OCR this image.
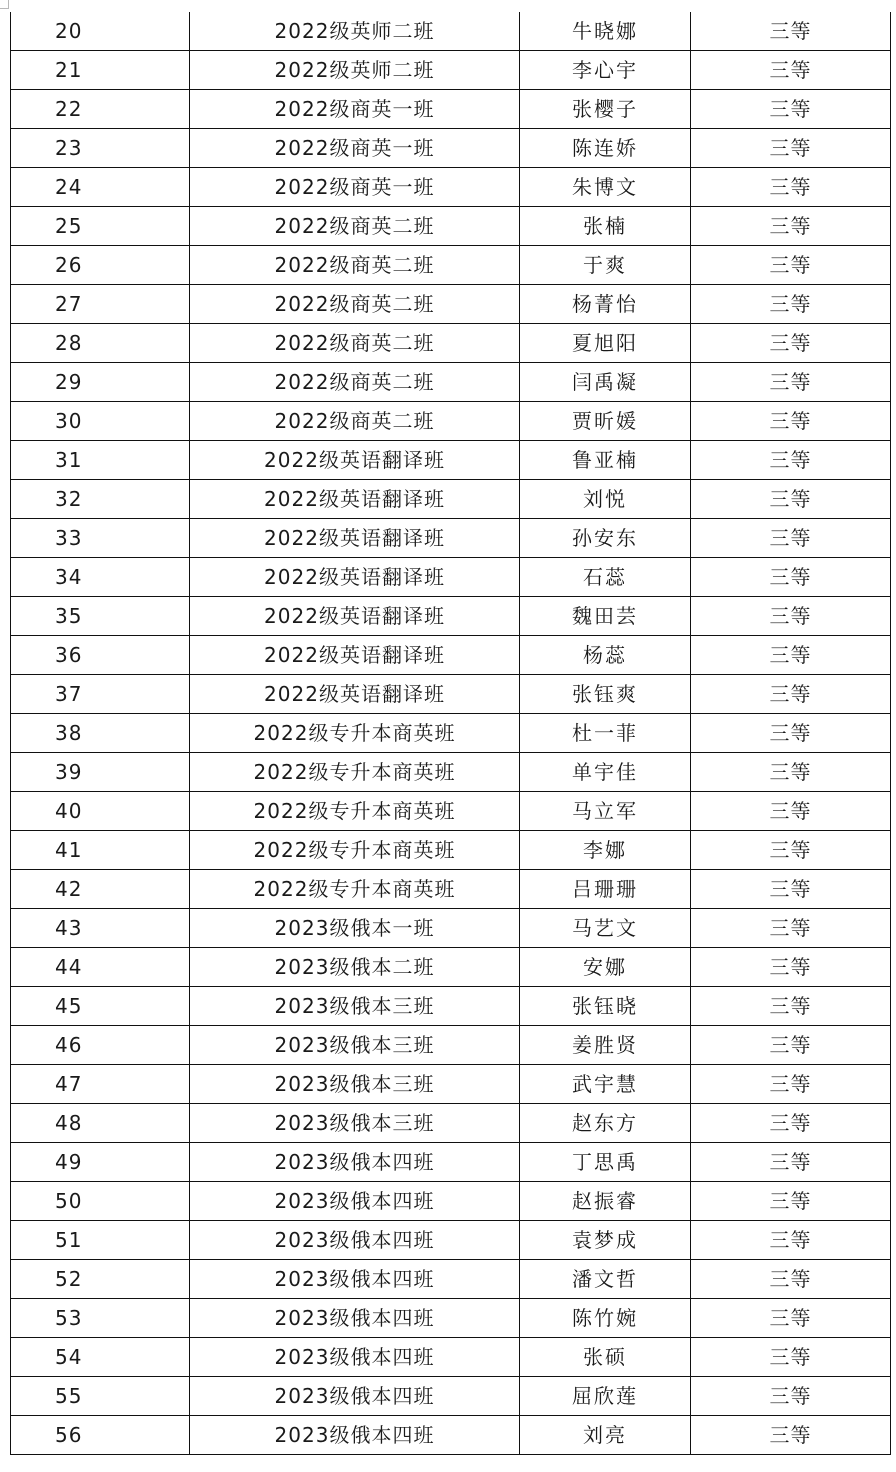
20	2022级英师二班	牛晓娜	三等
21	2022级英师二班	李心宇	三等
22	2022级商英一班	张樱子	三等
23	2022级商英一班	陈连娇	三等
24	2022级商英一班	朱博文	三等
25	2022级商英二班	张楠	三等
26	2022级商英二班	于爽	三等
27	2022级商英二班	杨菁怡	三等
28	2022级商英二班	夏旭阳	三等
29	2022级商英二班	闫禹凝	三等
30	2022级商英二班	贾昕媛	三等
31	2022级英语翻译班	鲁亚楠	三等
32	2022级英语翻译班	刘悦	三等
33	2022级英语翻译班	孙安东	三等
34	2022级英语翻译班	石蕊	三等
35	2022级英语翻译班	魏田芸	三等
36	2022级英语翻译班	杨蕊	三等
37	2022级英语翻译班	张钰爽	三等
38	2022级专升本商英班	杜一菲	三等
39	2022级专升本商英班	单宇佳	三等
40	2022级专升本商英班	马立军	三等
41	2022级专升本商英班	李娜	三等
42	2022级专升本商英班	吕珊珊	三等
43	2023级俄本一班	马艺文	三等
44	2023级俄本二班	安娜	三等
45	2023级俄本三班	张钰晓	三等
46	2023级俄本三班	姜胜贤	三等
47	2023级俄本三班	武宇慧	三等
48	2023级俄本三班	赵东方	三等
49	2023级俄本四班	丁思禹	三等
50	2023级俄本四班	赵振睿	三等
51	2023级俄本四班	袁梦成	三等
52	2023级俄本四班	潘文哲	三等
53	2023级俄本四班	陈竹婉	三等
54	2023级俄本四班	张硕	三等
55	2023级俄本四班	屈欣莲	三等
56	2023级俄本四班	刘亮	三等
